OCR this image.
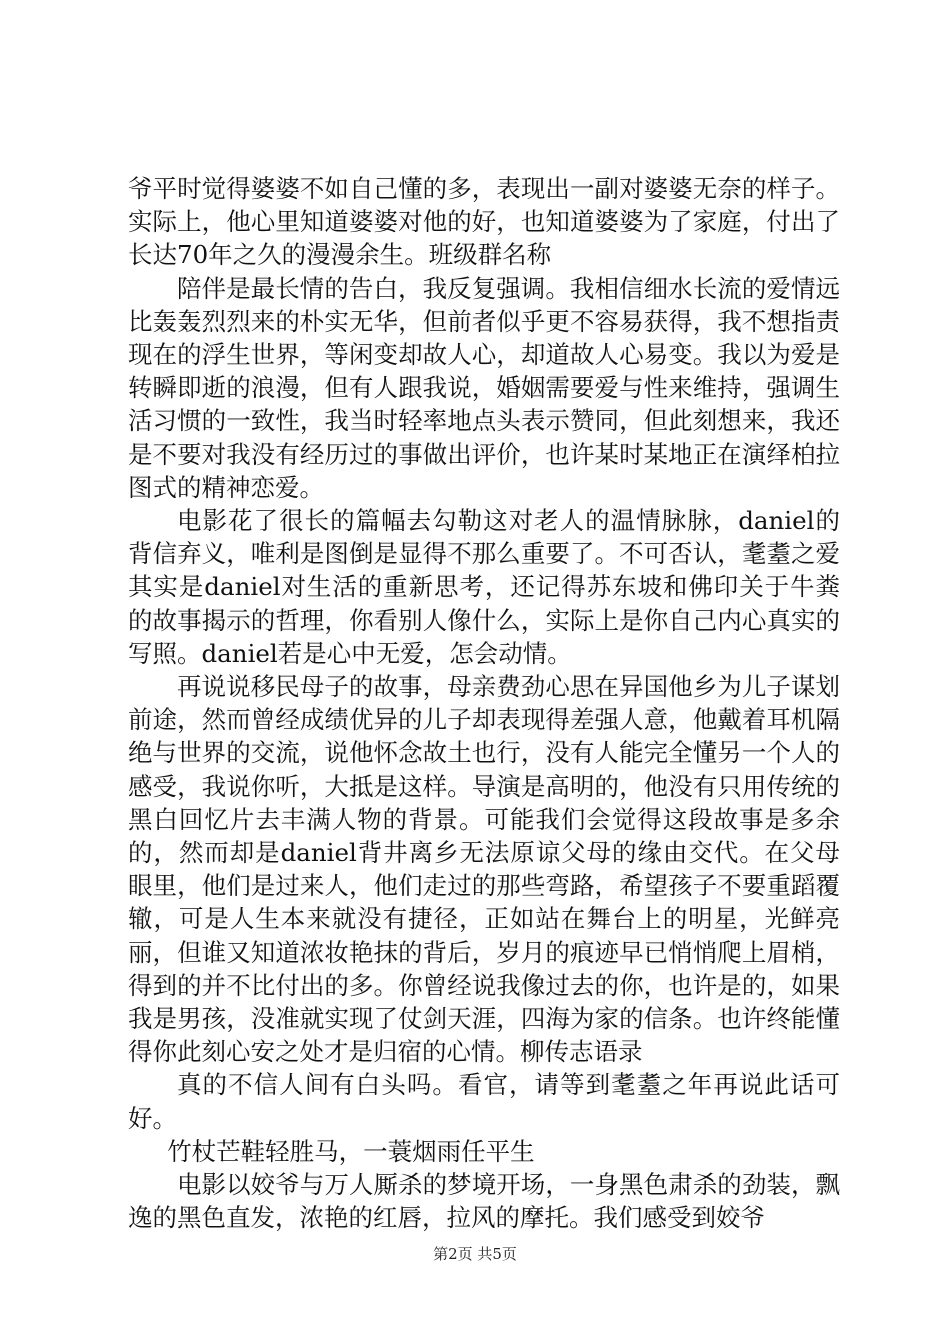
爷平时觉得婆婆不如自己懂的多，表现出一副对婆婆无奈的样子。实际上，他心里知道婆婆对他的好，也知道婆婆为了家庭，付出了长达70年之久的漫漫余生。班级群名称

陪伴是最长情的告白，我反复强调。我相信细水长流的爱情远比轰轰烈烈来的朴实无华，但前者似乎更不容易获得，我不想指责现在的浮生世界，等闲变却故人心，却道故人心易变。我以为爱是转瞬即逝的浪漫，但有人跟我说，婚姻需要爱与性来维持，强调生活习惯的一致性，我当时轻率地点头表示赞同，但此刻想来，我还是不要对我没有经历过的事做出评价，也许某时某地正在演绎柏拉图式的精神恋爱。

电影花了很长的篇幅去勾勒这对老人的温情脉脉，daniel的背信弃义，唯利是图倒是显得不那么重要了。不可否认，耄耋之爱其实是daniel对生活的重新思考，还记得苏东坡和佛印关于牛粪的故事揭示的哲理，你看别人像什么，实际上是你自己内心真实的写照。daniel若是心中无爱，怎会动情。

再说说移民母子的故事，母亲费劲心思在异国他乡为儿子谋划前途，然而曾经成绩优异的儿子却表现得差强人意，他戴着耳机隔绝与世界的交流，说他怀念故土也行，没有人能完全懂另一个人的感受，我说你听，大抵是这样。导演是高明的，他没有只用传统的黑白回忆片去丰满人物的背景。可能我们会觉得这段故事是多余的，然而却是daniel背井离乡无法原谅父母的缘由交代。在父母眼里，他们是过来人，他们走过的那些弯路，希望孩子不要重蹈覆辙，可是人生本来就没有捷径，正如站在舞台上的明星，光鲜亮丽，但谁又知道浓妆艳抹的背后，岁月的痕迹早已悄悄爬上眉梢，得到的并不比付出的多。你曾经说我像过去的你，也许是的，如果我是男孩，没准就实现了仗剑天涯，四海为家的信条。也许终能懂得你此刻心安之处才是归宿的心情。柳传志语录

真的不信人间有白头吗。看官，请等到耄耋之年再说此话可好。

竹杖芒鞋轻胜马，一蓑烟雨任平生

电影以姣爷与万人厮杀的梦境开场，一身黑色肃杀的劲装，飘逸的黑色直发，浓艳的红唇，拉风的摩托。我们感受到姣爷

第2页 共5页
